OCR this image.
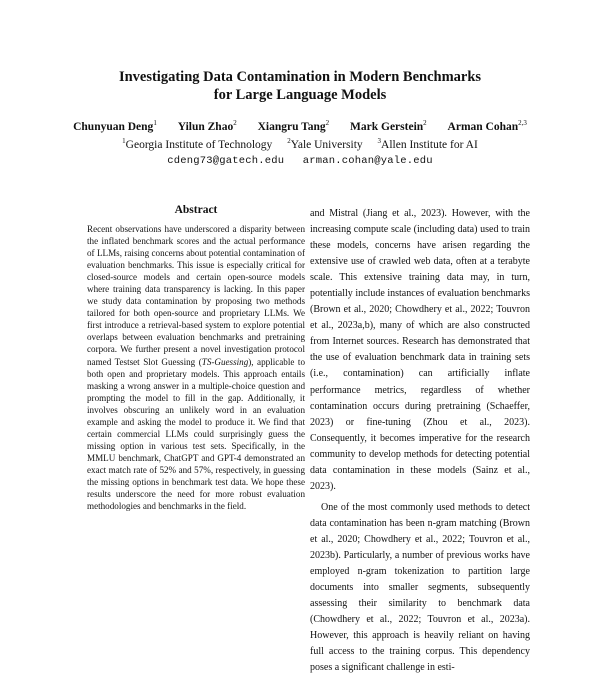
Investigating Data Contamination in Modern Benchmarks
for Large Language Models
Chunyuan Deng$^1$ Yilun Zhao$^2$ Xiangru Tang$^2$ Mark Gerstein$^2$ Arman Cohan$^{2,3}$
$^1$Georgia Institute of Technology $^2$Yale University $^3$Allen Institute for AI
cdeng73@gatech.edu arman.cohan@yale.edu
Abstract

Recent observations have underscored a disparity between the inflated benchmark scores and the actual performance of LLMs, raising concerns about potential contamination of evaluation benchmarks. This issue is especially critical for closed-source models and certain open-source models where training data transparency is lacking. In this paper we study data contamination by proposing two methods tailored for both open-source and proprietary LLMs. We first introduce a retrieval-based system to explore potential overlaps between evaluation benchmarks and pretraining corpora. We further present a novel investigation protocol named Testset Slot Guessing (TS-Guessing), applicable to both open and proprietary models. This approach entails masking a wrong answer in a multiple-choice question and prompting the model to fill in the gap. Additionally, it involves obscuring an unlikely word in an evaluation example and asking the model to produce it. We find that certain commercial LLMs could surprisingly guess the missing option in various test sets. Specifically, in the MMLU benchmark, ChatGPT and GPT-4 demonstrated an exact match rate of 52% and 57%, respectively, in guessing the missing options in benchmark test data. We hope these results underscore the need for more robust evaluation methodologies and benchmarks in the field.

and Mistral (Jiang et al., 2023). However, with the increasing compute scale (including data) used to train these models, concerns have arisen regarding the extensive use of crawled web data, often at a terabyte scale. This extensive training data may, in turn, potentially include instances of evaluation benchmarks (Brown et al., 2020; Chowdhery et al., 2022; Touvron et al., 2023a,b), many of which are also constructed from Internet sources. Research has demonstrated that the use of evaluation benchmark data in training sets (i.e., contamination) can artificially inflate performance metrics, regardless of whether contamination occurs during pretraining (Schaeffer, 2023) or fine-tuning (Zhou et al., 2023). Consequently, it becomes imperative for the research community to develop methods for detecting potential data contamination in these models (Sainz et al., 2023).

One of the most commonly used methods to detect data contamination has been n-gram matching (Brown et al., 2020; Chowdhery et al., 2022; Touvron et al., 2023b). Particularly, a number of previous works have employed n-gram tokenization to partition large documents into smaller segments, subsequently assessing their similarity to benchmark data (Chowdhery et al., 2022; Touvron et al., 2023a). However, this approach is heavily reliant on having full access to the training corpus. This dependency poses a significant challenge in esti-
